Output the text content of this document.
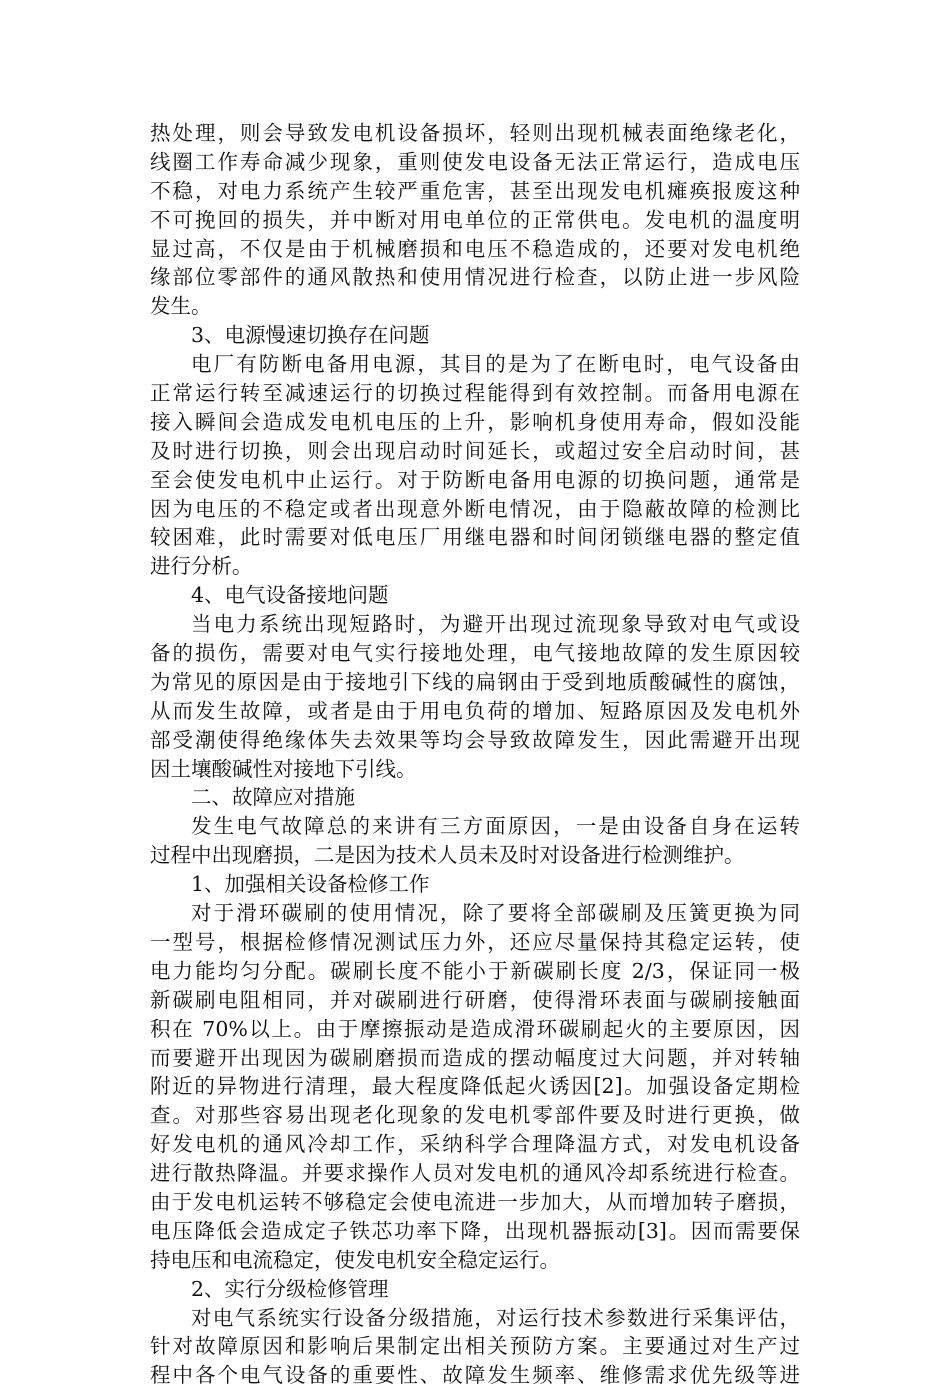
热处理，则会导致发电机设备损坏，轻则出现机械表面绝缘老化，
线圈工作寿命减少现象，重则使发电设备无法正常运行，造成电压
不稳，对电力系统产生较严重危害，甚至出现发电机瘫痪报废这种
不可挽回的损失，并中断对用电单位的正常供电。发电机的温度明
显过高，不仅是由于机械磨损和电压不稳造成的，还要对发电机绝
缘部位零部件的通风散热和使用情况进行检查，以防止进一步风险
发生。
3、电源慢速切换存在问题
电厂有防断电备用电源，其目的是为了在断电时，电气设备由
正常运行转至减速运行的切换过程能得到有效控制。而备用电源在
接入瞬间会造成发电机电压的上升，影响机身使用寿命，假如没能
及时进行切换，则会出现启动时间延长，或超过安全启动时间，甚
至会使发电机中止运行。对于防断电备用电源的切换问题，通常是
因为电压的不稳定或者出现意外断电情况，由于隐蔽故障的检测比
较困难，此时需要对低电压厂用继电器和时间闭锁继电器的整定值
进行分析。
4、电气设备接地问题
当电力系统出现短路时，为避开出现过流现象导致对电气或设
备的损伤，需要对电气实行接地处理，电气接地故障的发生原因较
为常见的原因是由于接地引下线的扁钢由于受到地质酸碱性的腐蚀，
从而发生故障，或者是由于用电负荷的增加、短路原因及发电机外
部受潮使得绝缘体失去效果等均会导致故障发生，因此需避开出现
因土壤酸碱性对接地下引线。
二、故障应对措施
发生电气故障总的来讲有三方面原因，一是由设备自身在运转
过程中出现磨损，二是因为技术人员未及时对设备进行检测维护。
1、加强相关设备检修工作
对于滑环碳刷的使用情况，除了要将全部碳刷及压簧更换为同
一型号，根据检修情况测试压力外，还应尽量保持其稳定运转，使
电力能均匀分配。碳刷长度不能小于新碳刷长度 2/3，保证同一极
新碳刷电阻相同，并对碳刷进行研磨，使得滑环表面与碳刷接触面
积在 70%以上。由于摩擦振动是造成滑环碳刷起火的主要原因，因
而要避开出现因为碳刷磨损而造成的摆动幅度过大问题，并对转轴
附近的异物进行清理，最大程度降低起火诱因[2]。加强设备定期检
查。对那些容易出现老化现象的发电机零部件要及时进行更换，做
好发电机的通风冷却工作，采纳科学合理降温方式，对发电机设备
进行散热降温。并要求操作人员对发电机的通风冷却系统进行检查。
由于发电机运转不够稳定会使电流进一步加大，从而增加转子磨损，
电压降低会造成定子铁芯功率下降，出现机器振动[3]。因而需要保
持电压和电流稳定，使发电机安全稳定运行。
2、实行分级检修管理
对电气系统实行设备分级措施，对运行技术参数进行采集评估，
针对故障原因和影响后果制定出相关预防方案。主要通过对生产过
程中各个电气设备的重要性、故障发生频率、维修需求优先级等进
